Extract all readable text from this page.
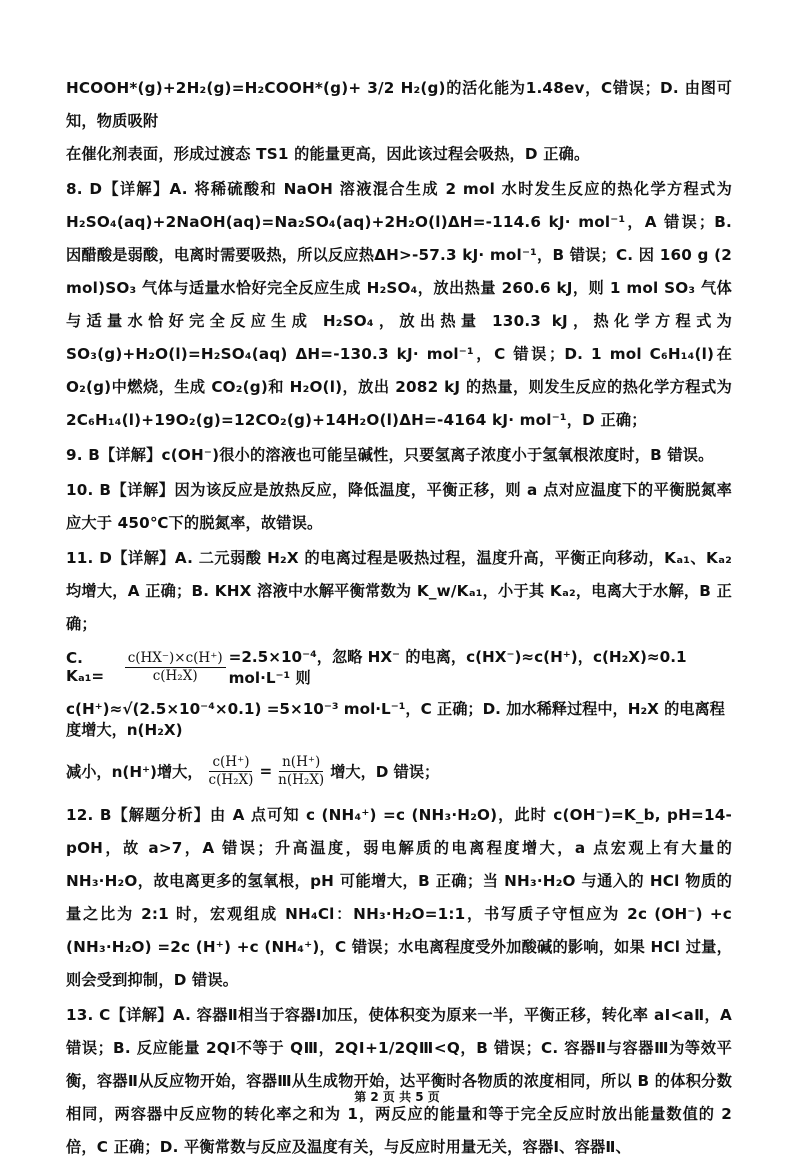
HCOOH*(g)+2H₂(g)=H₂COOH*(g)+ 3/2 H₂(g)的活化能为1.48ev，C错误；D. 由图可知，物质吸附

在催化剂表面，形成过渡态 TS1 的能量更高，因此该过程会吸热，D 正确。

8. D【详解】A. 将稀硫酸和 NaOH 溶液混合生成 2 mol 水时发生反应的热化学方程式为 H₂SO₄(aq)+2NaOH(aq)=Na₂SO₄(aq)+2H₂O(l)ΔH=-114.6 kJ· mol⁻¹，A 错误；B. 因醋酸是弱酸，电离时需要吸热，所以反应热ΔH>-57.3 kJ· mol⁻¹，B 错误；C. 因 160 g (2 mol)SO₃ 气体与适量水恰好完全反应生成 H₂SO₄，放出热量 260.6 kJ，则 1 mol SO₃ 气体与适量水恰好完全反应生成 H₂SO₄，放出热量 130.3 kJ，热化学方程式为 SO₃(g)+H₂O(l)=H₂SO₄(aq) ΔH=-130.3 kJ· mol⁻¹，C 错误；D. 1 mol C₆H₁₄(l)在 O₂(g)中燃烧，生成 CO₂(g)和 H₂O(l)，放出 2082 kJ 的热量，则发生反应的热化学方程式为 2C₆H₁₄(l)+19O₂(g)=12CO₂(g)+14H₂O(l)ΔH=-4164 kJ· mol⁻¹，D 正确；

9. B【详解】c(OH⁻)很小的溶液也可能呈碱性，只要氢离子浓度小于氢氧根浓度时，B 错误。

10. B【详解】因为该反应是放热反应，降低温度，平衡正移，则 a 点对应温度下的平衡脱氮率应大于 450℃下的脱氮率，故错误。

11. D【详解】A. 二元弱酸 H₂X 的电离过程是吸热过程，温度升高，平衡正向移动，Kₐ₁、Kₐ₂均增大，A 正确；B. KHX 溶液中水解平衡常数为 K_w/Kₐ₁，小于其 Kₐ₂，电离大于水解，B 正确；

C. Kₐ₁=	$\frac{c(HX^-)\times c(H^+)}{\text{c(H₂X)}} =2.5\times 10^{-4}$，忽略 HX⁻ 的电离，c(HX⁻)≈c(H⁺)，c(H₂X)≈0.1 mol·L⁻¹ 则
c(H⁺)≈√(2.5×10⁻⁴×0.1) =5×10⁻³ mol·L⁻¹，C 正确；D. 加水稀释过程中，H₂X 的电离程度增大，n(H₂X)
减小，n(H⁺)增大， $\frac{c(H^+)}{\text{c(H₂X)}} = \frac{n(H^+)}{\text{n(H₂X)}}$ 增大，D 错误；

12. B【解题分析】由 A 点可知 c (NH₄⁺) =c (NH₃·H₂O)，此时 c(OH⁻)=K_b, pH=14-pOH，故 a>7，A 错误；升高温度，弱电解质的电离程度增大，a 点宏观上有大量的 NH₃·H₂O，故电离更多的氢氧根，pH 可能增大，B 正确；当 NH₃·H₂O 与通入的 HCl 物质的量之比为 2:1 时，宏观组成 NH₄Cl：NH₃·H₂O=1:1，书写质子守恒应为 2c (OH⁻) +c (NH₃·H₂O) =2c (H⁺) +c (NH₄⁺)，C 错误；水电离程度受外加酸碱的影响，如果 HCl 过量，则会受到抑制，D 错误。

13. C【详解】A. 容器Ⅱ相当于容器Ⅰ加压，使体积变为原来一半，平衡正移，转化率 aⅠ<aⅡ，A 错误；B. 反应能量 2QⅠ不等于 QⅢ，2QⅠ+1/2QⅢ<Q，B 错误；C. 容器Ⅱ与容器Ⅲ为等效平衡，容器Ⅱ从反应物开始，容器Ⅲ从生成物开始，达平衡时各物质的浓度相同，所以 B 的体积分数相同，两容器中反应物的转化率之和为 1，两反应的能量和等于完全反应时放出能量数值的 2 倍，C 正确；D. 平衡常数与反应及温度有关，与反应时用量无关，容器Ⅰ、容器Ⅱ、

第 2 页 共 5 页
